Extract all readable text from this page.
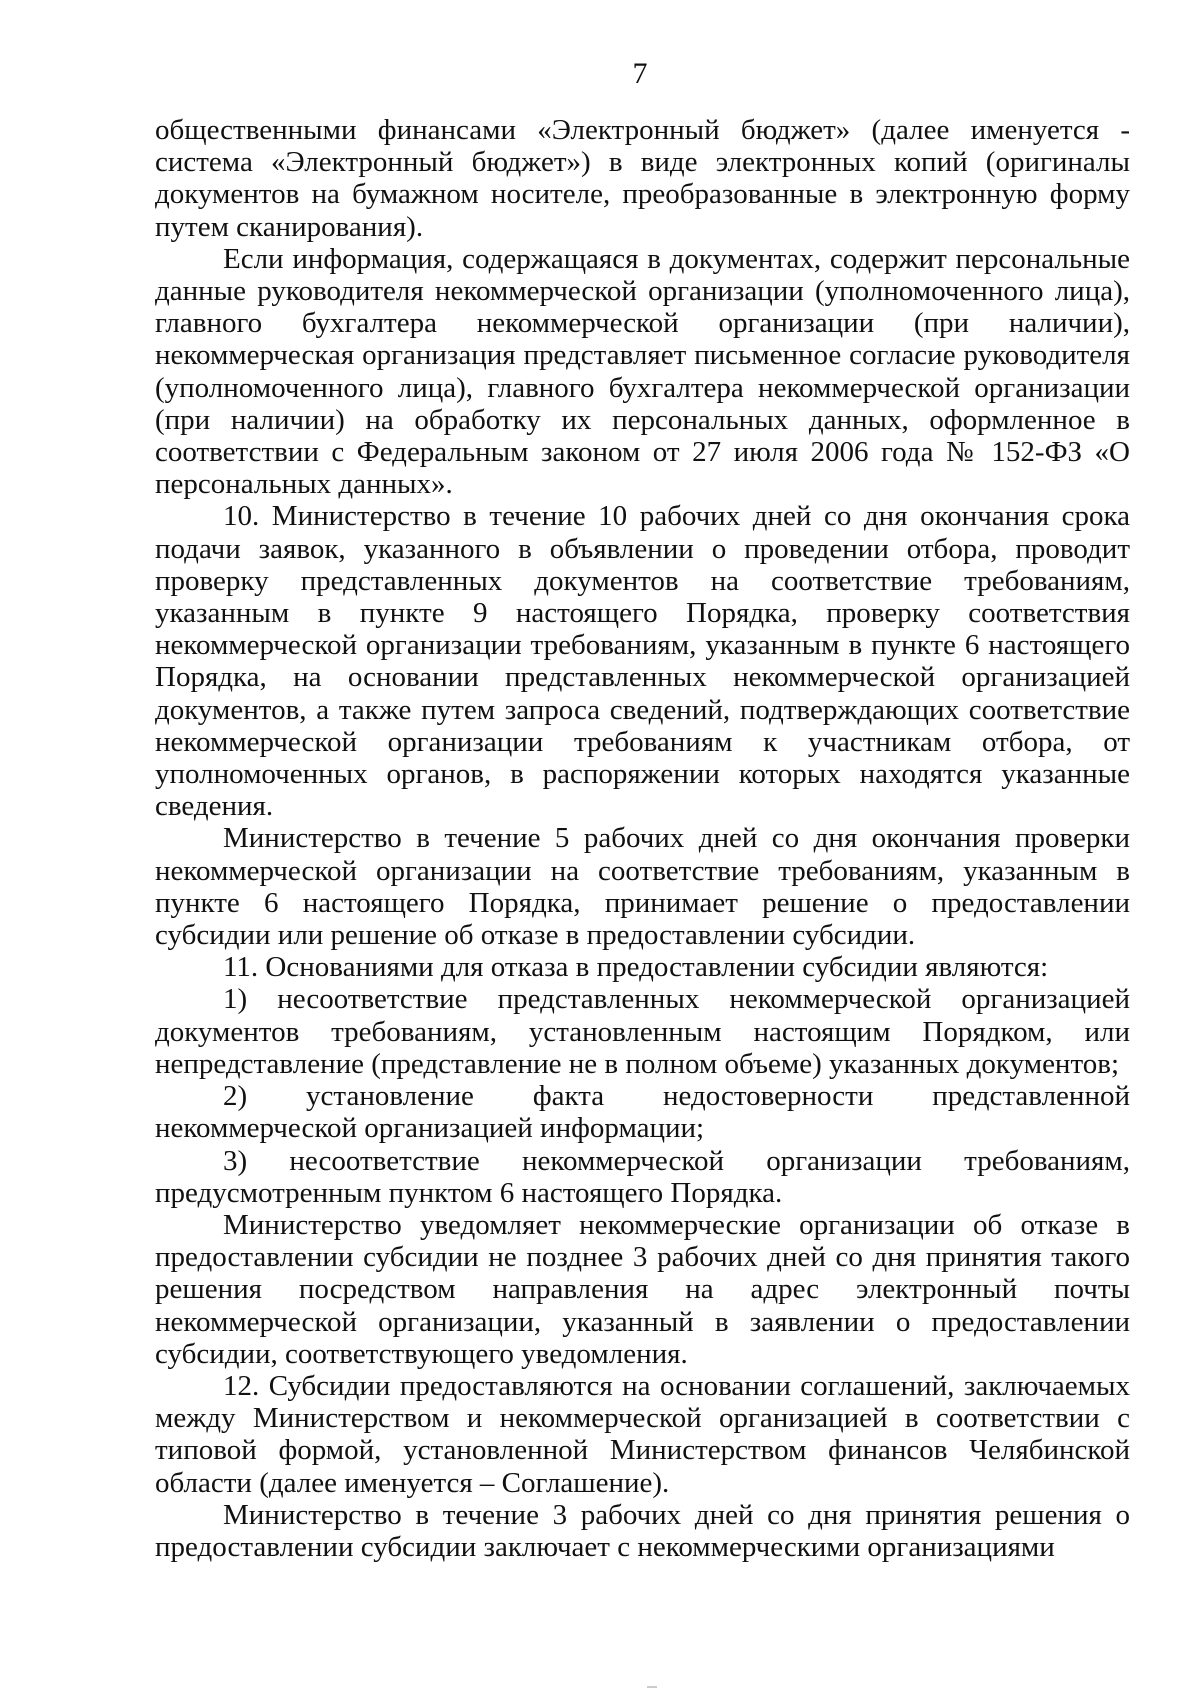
7

общественными финансами «Электронный бюджет» (далее именуется - система «Электронный бюджет») в виде электронных копий (оригиналы документов на бумажном носителе, преобразованные в электронную форму путем сканирования).

Если информация, содержащаяся в документах, содержит персональные данные руководителя некоммерческой организации (уполномоченного лица), главного бухгалтера некоммерческой организации (при наличии), некоммерческая организация представляет письменное согласие руководителя (уполномоченного лица), главного бухгалтера некоммерческой организации (при наличии) на обработку их персональных данных, оформленное в соответствии с Федеральным законом от 27 июля 2006 года № 152-ФЗ «О персональных данных».

10. Министерство в течение 10 рабочих дней со дня окончания срока подачи заявок, указанного в объявлении о проведении отбора, проводит проверку представленных документов на соответствие требованиям, указанным в пункте 9 настоящего Порядка, проверку соответствия некоммерческой организации требованиям, указанным в пункте 6 настоящего Порядка, на основании представленных некоммерческой организацией документов, а также путем запроса сведений, подтверждающих соответствие некоммерческой организации требованиям к участникам отбора, от уполномоченных органов, в распоряжении которых находятся указанные сведения.

Министерство в течение 5 рабочих дней со дня окончания проверки некоммерческой организации на соответствие требованиям, указанным в пункте 6 настоящего Порядка, принимает решение о предоставлении субсидии или решение об отказе в предоставлении субсидии.

11. Основаниями для отказа в предоставлении субсидии являются:

1) несоответствие представленных некоммерческой организацией документов требованиям, установленным настоящим Порядком, или непредставление (представление не в полном объеме) указанных документов;

2) установление факта недостоверности представленной некоммерческой организацией информации;

3) несоответствие некоммерческой организации требованиям, предусмотренным пунктом 6 настоящего Порядка.

Министерство уведомляет некоммерческие организации об отказе в предоставлении субсидии не позднее 3 рабочих дней со дня принятия такого решения посредством направления на адрес электронный почты некоммерческой организации, указанный в заявлении о предоставлении субсидии, соответствующего уведомления.

12. Субсидии предоставляются на основании соглашений, заключаемых между Министерством и некоммерческой организацией в соответствии с типовой формой, установленной Министерством финансов Челябинской области (далее именуется – Соглашение).

Министерство в течение 3 рабочих дней со дня принятия решения о предоставлении субсидии заключает с некоммерческими организациями
